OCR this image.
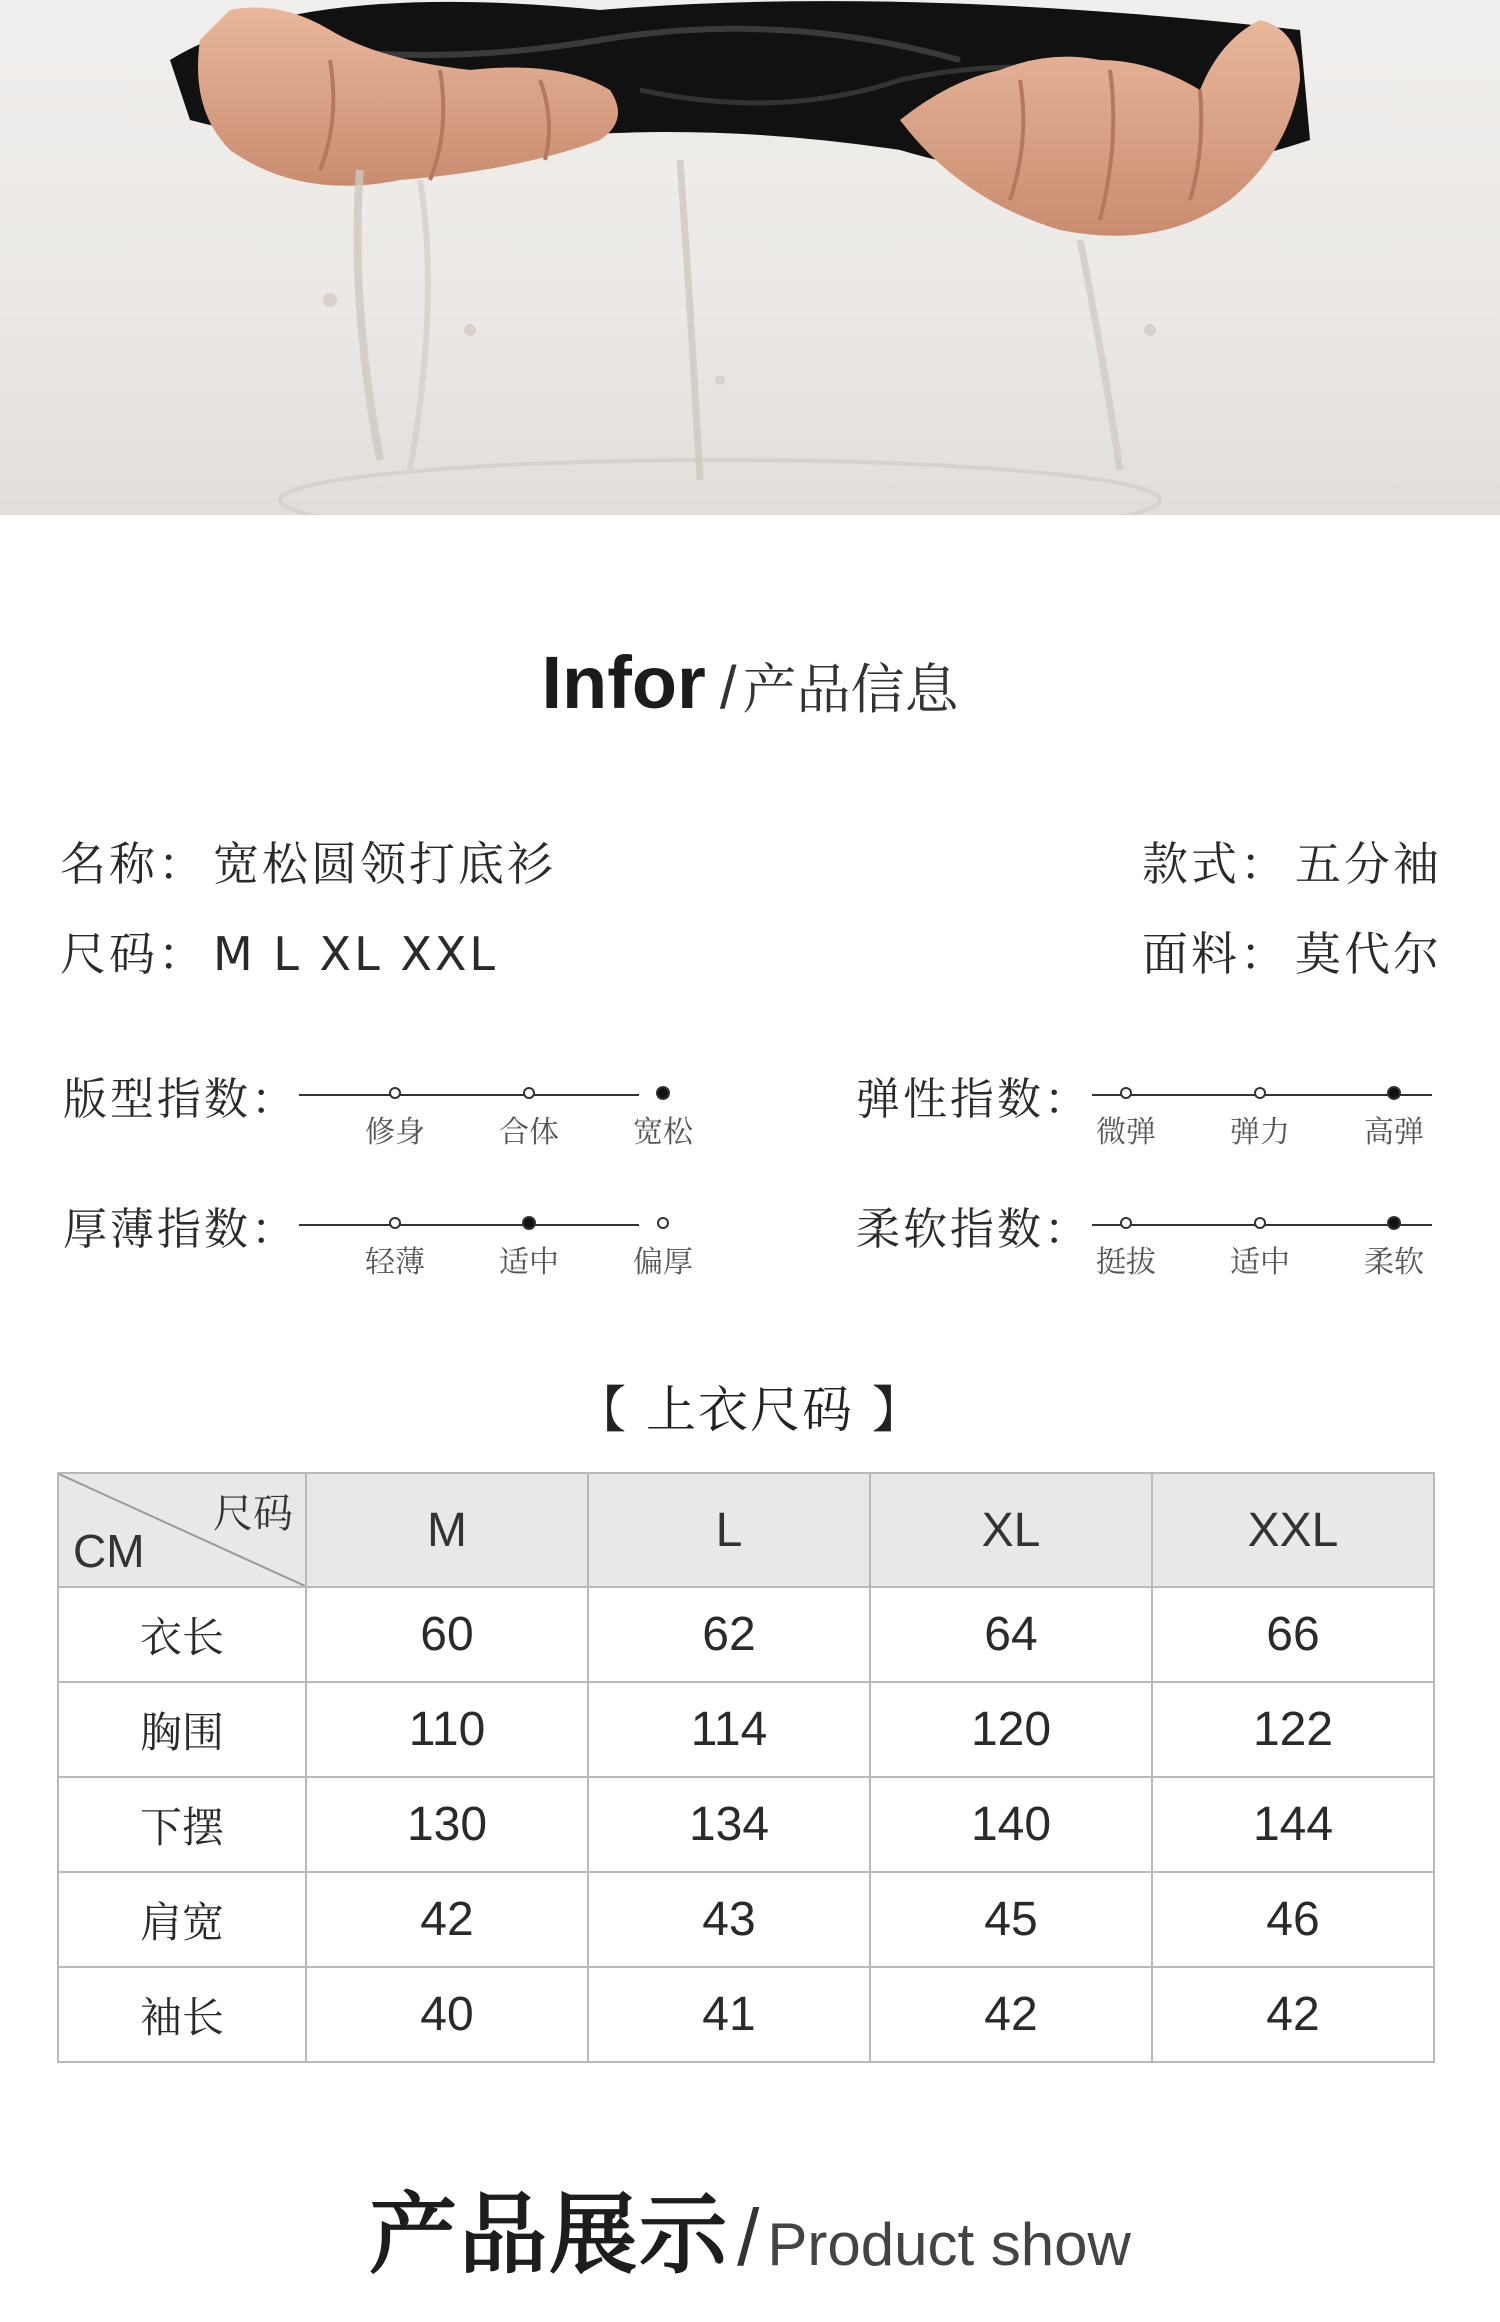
Infor / 产品信息
名称： 宽松圆领打底衫	款式： 五分袖
尺码： M L XL XXL	面料： 莫代尔
版型指数：
修身 合体 宽松
弹性指数：
微弹 弹力 高弹
厚薄指数：
轻薄 适中 偏厚
柔软指数：
挺拔 适中 柔软
【 上衣尺码 】
尺码
CM	M	L	XL	XXL
衣长	60	62	64	66
胸围	110	114	120	122
下摆	130	134	140	144
肩宽	42	43	45	46
袖长	40	41	42	42
产品展示 / Product show
